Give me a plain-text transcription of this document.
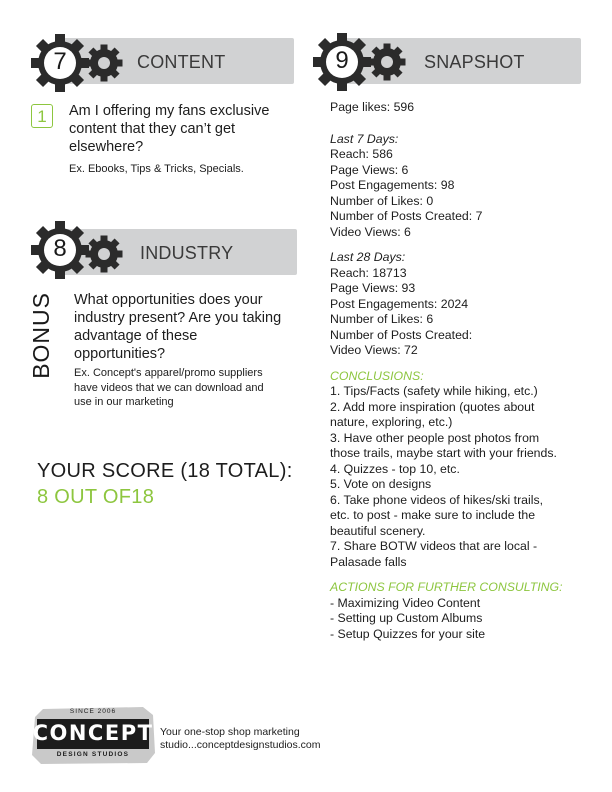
7	CONTENT
1	Am I offering my fans exclusive
content that they can’t get
elsewhere?
Ex. Ebooks, Tips & Tricks, Specials.
8	INDUSTRY
BONUS	What opportunities does your
industry present? Are you taking
advantage of these
opportunities?
Ex. Concept's apparel/promo suppliers
have videos that we can download and
use in our marketing
YOUR SCORE (18 TOTAL):
8 OUT OF18
9	SNAPSHOT
Page likes: 596
Last 7 Days:
Reach: 586
Page Views: 6
Post Engagements: 98
Number of Likes: 0
Number of Posts Created: 7
Video Views: 6
Last 28 Days:
Reach: 18713
Page Views: 93
Post Engagements: 2024
Number of Likes: 6
Number of Posts Created:
Video Views: 72
CONCLUSIONS:
1. Tips/Facts (safety while hiking, etc.)
2. Add more inspiration (quotes about
nature, exploring, etc.)
3. Have other people post photos from
those trails, maybe start with your friends.
4. Quizzes - top 10, etc.
5. Vote on designs
6. Take phone videos of hikes/ski trails,
etc. to post - make sure to include the
beautiful scenery.
7. Share BOTW videos that are local -
Palasade falls
ACTIONS FOR FURTHER CONSULTING:
- Maximizing Video Content
- Setting up Custom Albums
- Setup Quizzes for your site
SINCE 2006
CONCEPT
DESIGN STUDIOS
Your one-stop shop marketing
studio...conceptdesignstudios.com
